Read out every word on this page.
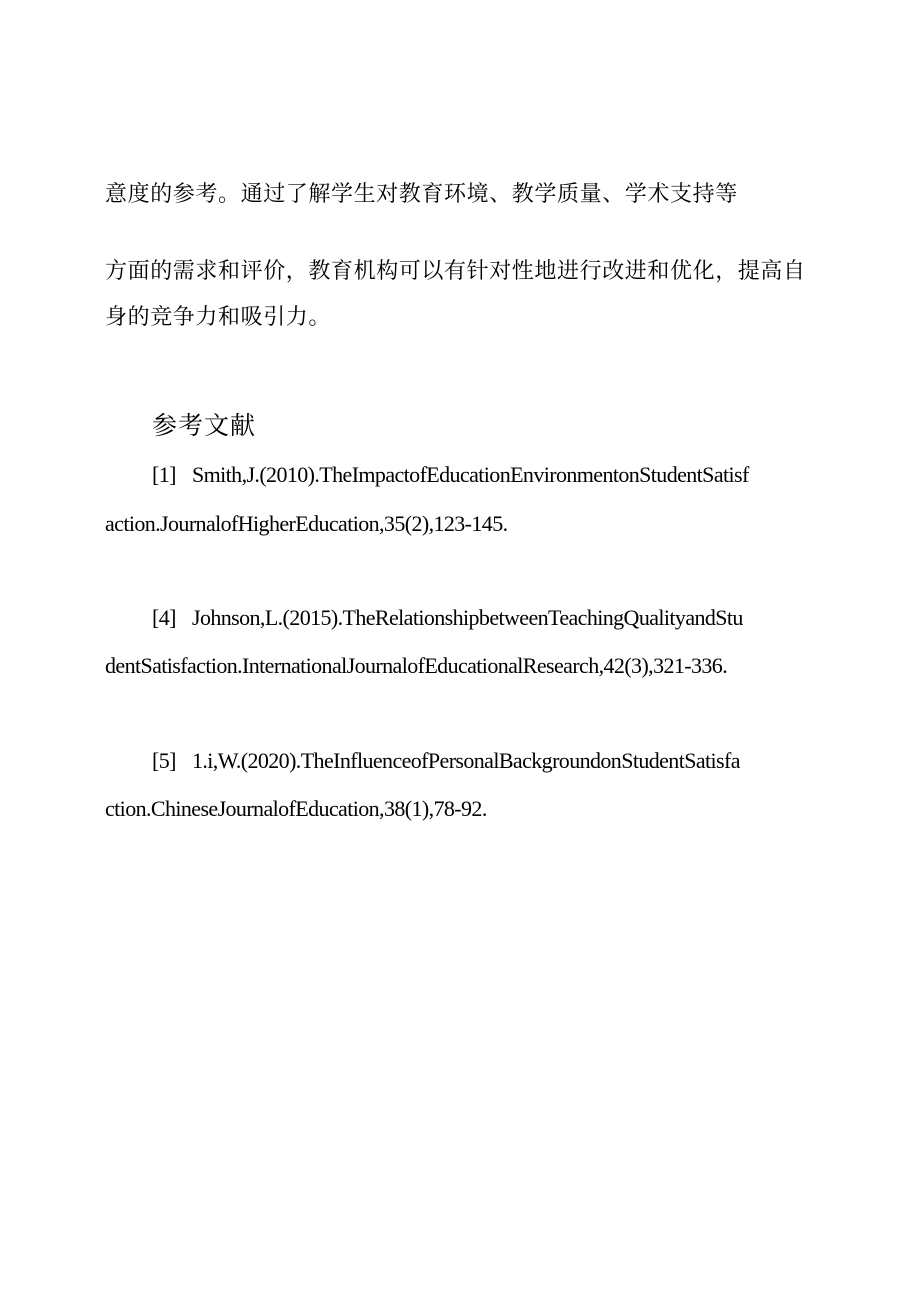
意度的参考。通过了解学生对教育环境、教学质量、学术支持等

方面的需求和评价，教育机构可以有针对性地进行改进和优化，提高自

身的竞争力和吸引力。

参考文献

[1] Smith,J.(2010).TheImpactofEducationEnvironmentonStudentSatisf

action.JournalofHigherEducation,35(2),123-145.

[4] Johnson,L.(2015).TheRelationshipbetweenTeachingQualityandStu

dentSatisfaction.InternationalJournalofEducationalResearch,42(3),321-336.

[5] 1.i,W.(2020).TheInfluenceofPersonalBackgroundonStudentSatisfa

ction.ChineseJournalofEducation,38(1),78-92.
